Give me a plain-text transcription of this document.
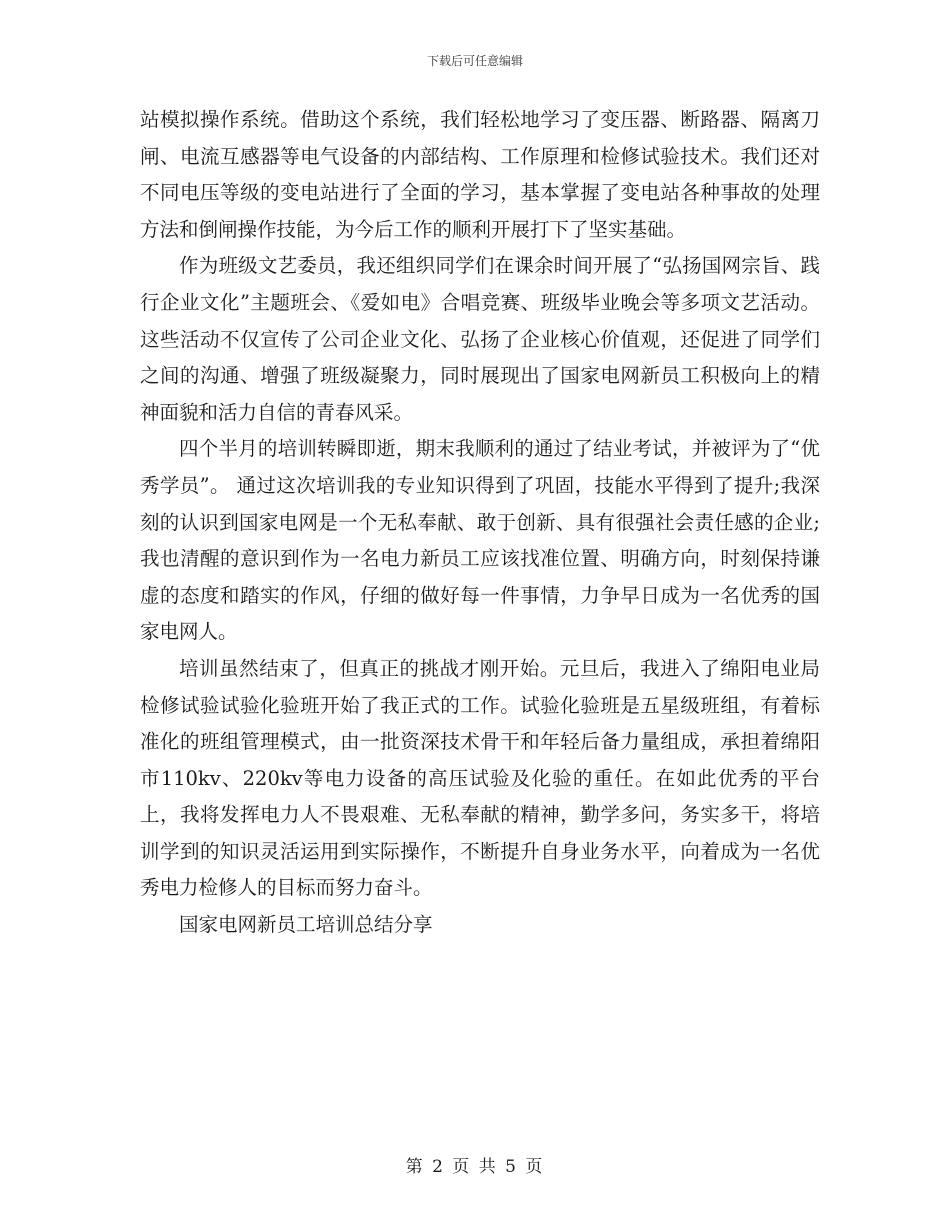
下载后可任意编辑

站模拟操作系统。借助这个系统，我们轻松地学习了变压器、断路器、隔离刀闸、电流互感器等电气设备的内部结构、工作原理和检修试验技术。我们还对不同电压等级的变电站进行了全面的学习，基本掌握了变电站各种事故的处理方法和倒闸操作技能，为今后工作的顺利开展打下了坚实基础。

作为班级文艺委员，我还组织同学们在课余时间开展了“弘扬国网宗旨、践行企业文化”主题班会、《爱如电》合唱竞赛、班级毕业晚会等多项文艺活动。这些活动不仅宣传了公司企业文化、弘扬了企业核心价值观，还促进了同学们之间的沟通、增强了班级凝聚力，同时展现出了国家电网新员工积极向上的精神面貌和活力自信的青春风采。

四个半月的培训转瞬即逝，期末我顺利的通过了结业考试，并被评为了“优秀学员”。 通过这次培训我的专业知识得到了巩固，技能水平得到了提升;我深刻的认识到国家电网是一个无私奉献、敢于创新、具有很强社会责任感的企业;我也清醒的意识到作为一名电力新员工应该找准位置、明确方向，时刻保持谦虚的态度和踏实的作风，仔细的做好每一件事情，力争早日成为一名优秀的国家电网人。

培训虽然结束了，但真正的挑战才刚开始。元旦后，我进入了绵阳电业局检修试验试验化验班开始了我正式的工作。试验化验班是五星级班组，有着标准化的班组管理模式，由一批资深技术骨干和年轻后备力量组成，承担着绵阳市110kv、220kv等电力设备的高压试验及化验的重任。在如此优秀的平台上，我将发挥电力人不畏艰难、无私奉献的精神，勤学多问，务实多干，将培训学到的知识灵活运用到实际操作，不断提升自身业务水平，向着成为一名优秀电力检修人的目标而努力奋斗。

国家电网新员工培训总结分享

第 2 页 共 5 页
